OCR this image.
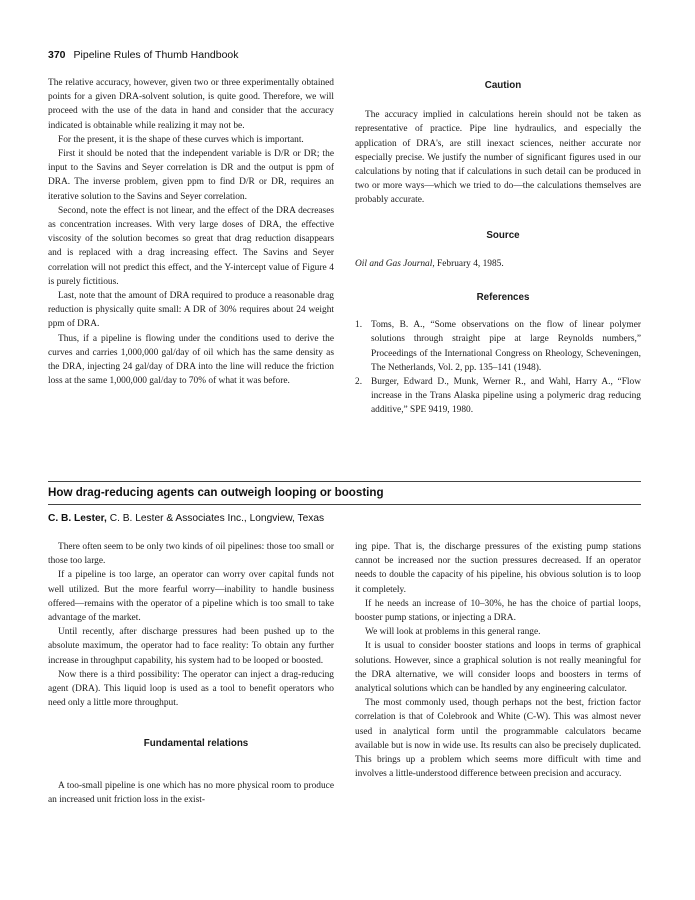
370 Pipeline Rules of Thumb Handbook

The relative accuracy, however, given two or three experimentally obtained points for a given DRA-solvent solution, is quite good. Therefore, we will proceed with the use of the data in hand and consider that the accuracy indicated is obtainable while realizing it may not be.

For the present, it is the shape of these curves which is important.

First it should be noted that the independent variable is D/R or DR; the input to the Savins and Seyer correlation is DR and the output is ppm of DRA. The inverse problem, given ppm to find D/R or DR, requires an iterative solution to the Savins and Seyer correlation.

Second, note the effect is not linear, and the effect of the DRA decreases as concentration increases. With very large doses of DRA, the effective viscosity of the solution becomes so great that drag reduction disappears and is replaced with a drag increasing effect. The Savins and Seyer correlation will not predict this effect, and the Y-intercept value of Figure 4 is purely fictitious.

Last, note that the amount of DRA required to produce a reasonable drag reduction is physically quite small: A DR of 30% requires about 24 weight ppm of DRA.

Thus, if a pipeline is flowing under the conditions used to derive the curves and carries 1,000,000 gal/day of oil which has the same density as the DRA, injecting 24 gal/day of DRA into the line will reduce the friction loss at the same 1,000,000 gal/day to 70% of what it was before.

Caution

The accuracy implied in calculations herein should not be taken as representative of practice. Pipe line hydraulics, and especially the application of DRA's, are still inexact sciences, neither accurate nor especially precise. We justify the number of significant figures used in our calculations by noting that if calculations in such detail can be produced in two or more ways—which we tried to do—the calculations themselves are probably accurate.

Source

Oil and Gas Journal, February 4, 1985.

References

1. Toms, B. A., “Some observations on the flow of linear polymer solutions through straight pipe at large Reynolds numbers,” Proceedings of the International Congress on Rheology, Scheveningen, The Netherlands, Vol. 2, pp. 135–141 (1948).
2. Burger, Edward D., Munk, Werner R., and Wahl, Harry A., “Flow increase in the Trans Alaska pipeline using a polymeric drag reducing additive,” SPE 9419, 1980.
How drag-reducing agents can outweigh looping or boosting
C. B. Lester, C. B. Lester & Associates Inc., Longview, Texas

There often seem to be only two kinds of oil pipelines: those too small or those too large.

If a pipeline is too large, an operator can worry over capital funds not well utilized. But the more fearful worry—inability to handle business offered—remains with the operator of a pipeline which is too small to take advantage of the market.

Until recently, after discharge pressures had been pushed up to the absolute maximum, the operator had to face reality: To obtain any further increase in throughput capability, his system had to be looped or boosted.

Now there is a third possibility: The operator can inject a drag-reducing agent (DRA). This liquid loop is used as a tool to benefit operators who need only a little more throughput.

Fundamental relations

A too-small pipeline is one which has no more physical room to produce an increased unit friction loss in the exist-

ing pipe. That is, the discharge pressures of the existing pump stations cannot be increased nor the suction pressures decreased. If an operator needs to double the capacity of his pipeline, his obvious solution is to loop it completely.

If he needs an increase of 10–30%, he has the choice of partial loops, booster pump stations, or injecting a DRA.

We will look at problems in this general range.

It is usual to consider booster stations and loops in terms of graphical solutions. However, since a graphical solution is not really meaningful for the DRA alternative, we will consider loops and boosters in terms of analytical solutions which can be handled by any engineering calculator.

The most commonly used, though perhaps not the best, friction factor correlation is that of Colebrook and White (C-W). This was almost never used in analytical form until the programmable calculators became available but is now in wide use. Its results can also be precisely duplicated. This brings up a problem which seems more difficult with time and involves a little-understood difference between precision and accuracy.
